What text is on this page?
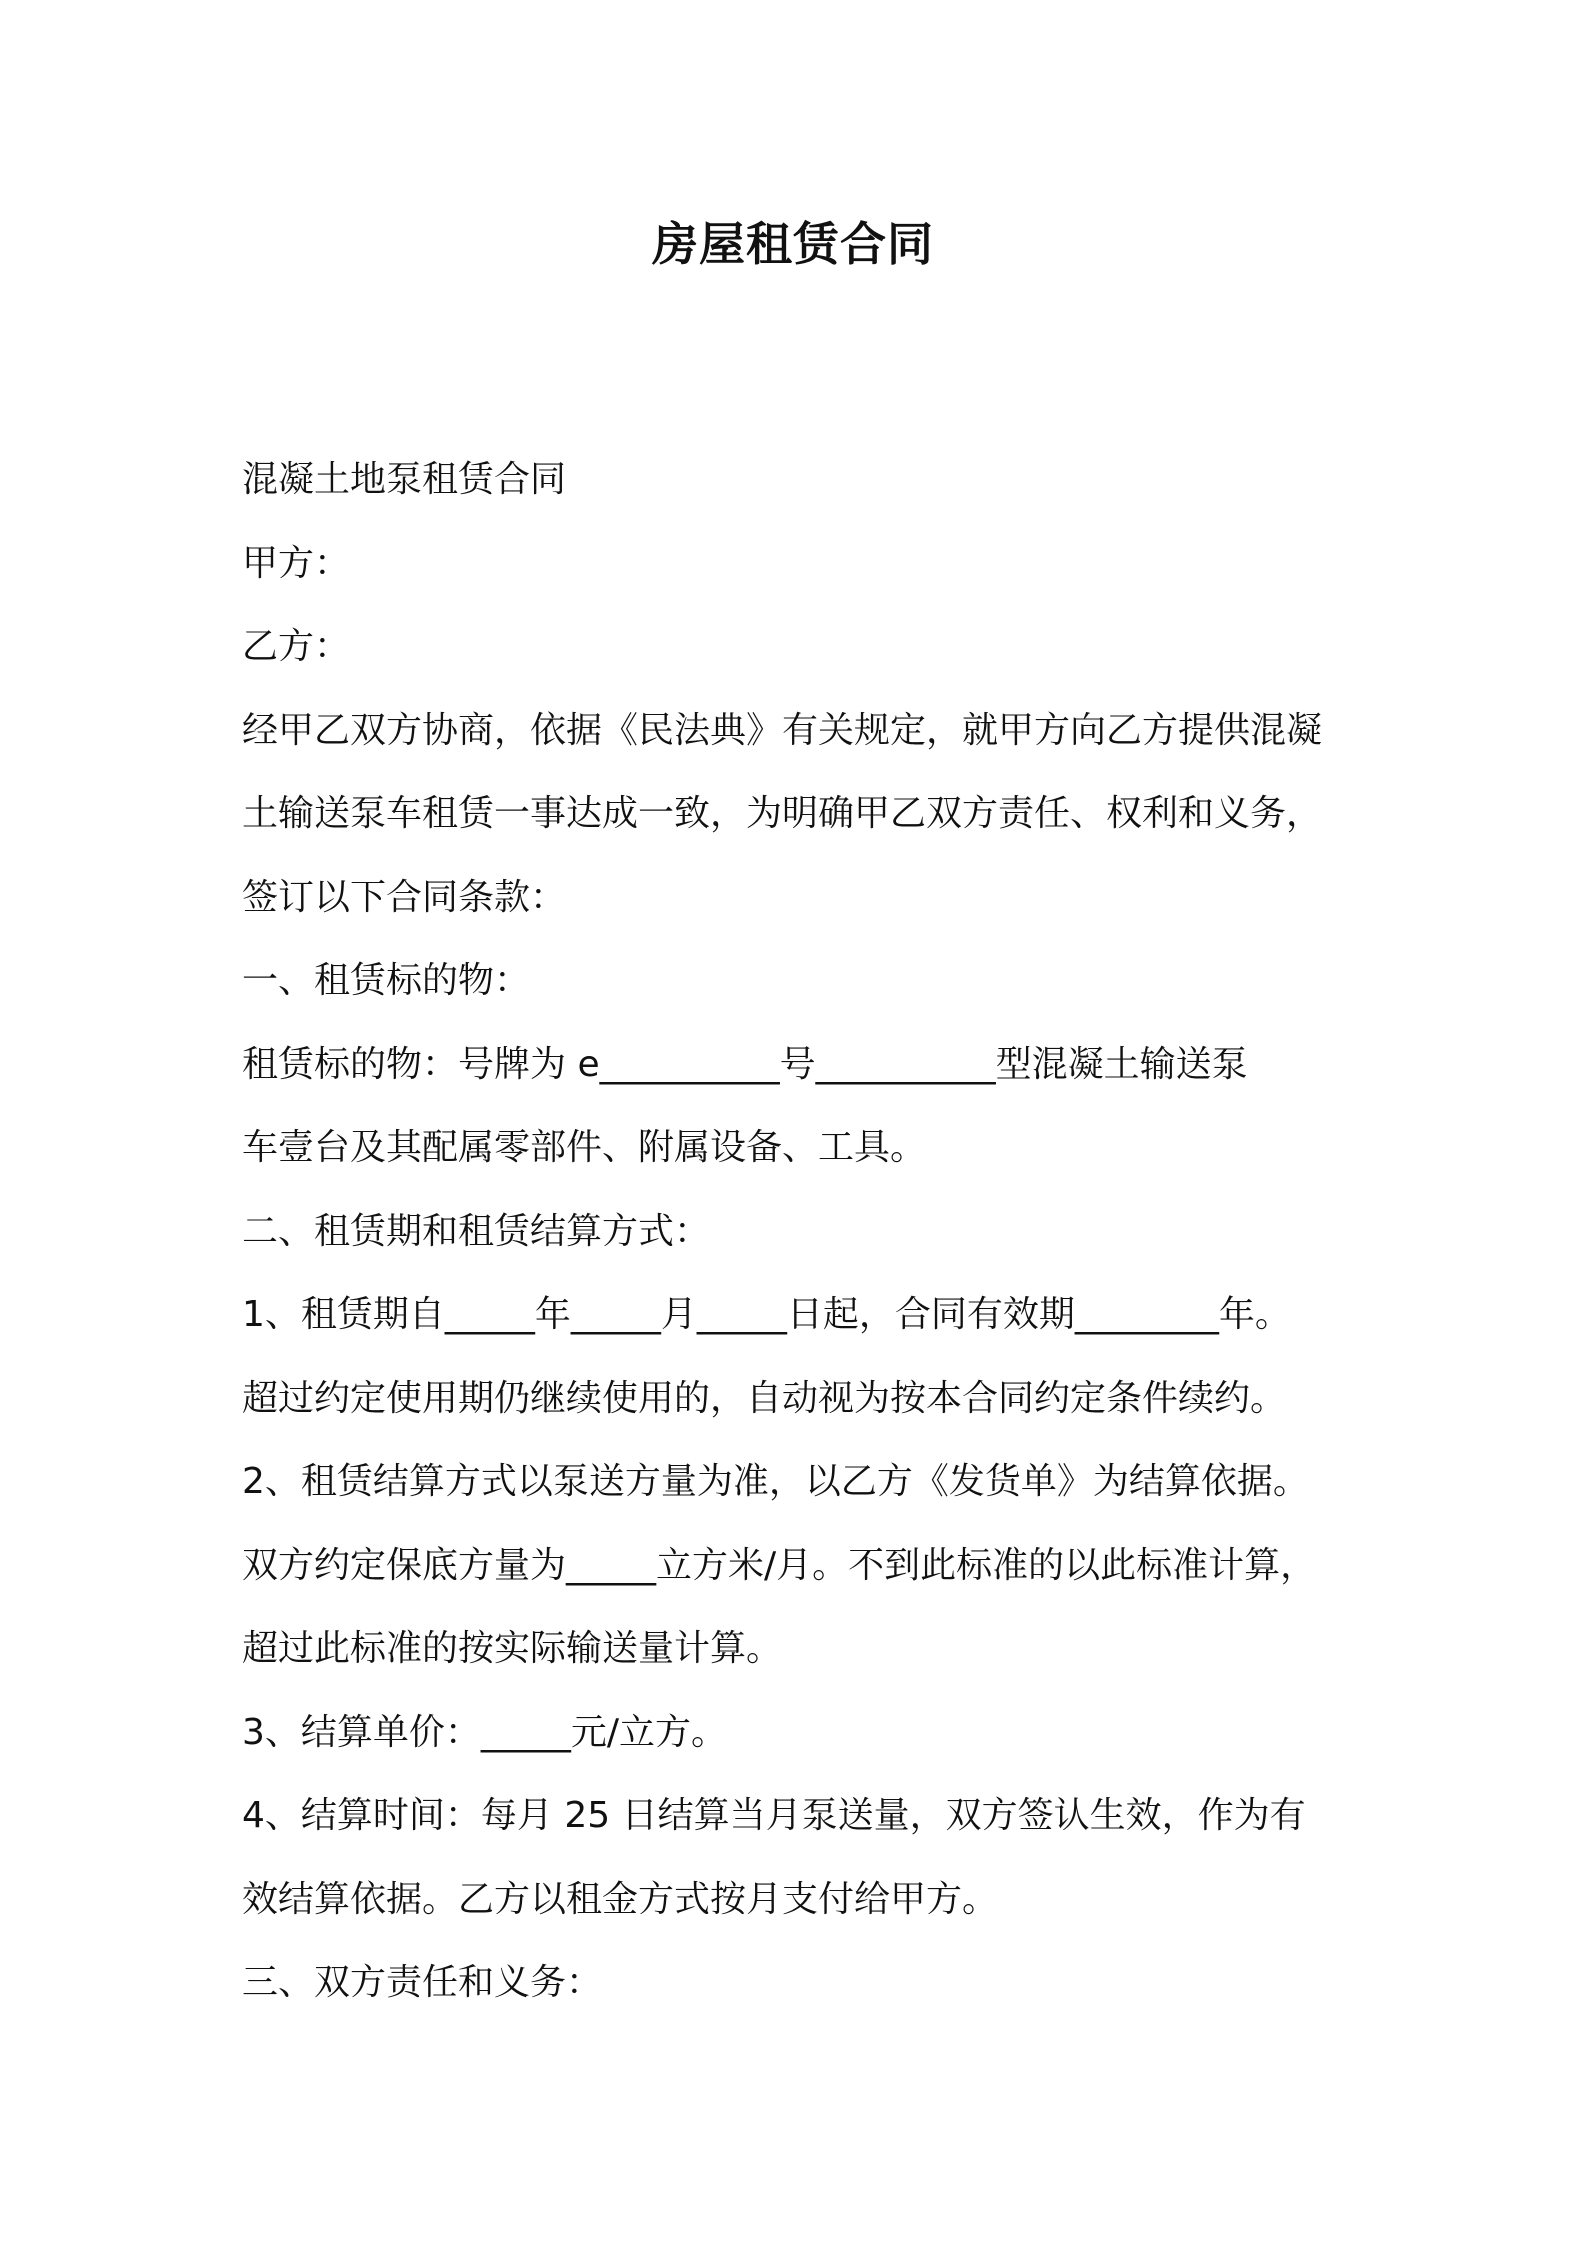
房屋租赁合同

混凝土地泵租赁合同

甲方：

乙方：

经甲乙双方协商，依据《民法典》有关规定，就甲方向乙方提供混凝

土输送泵车租赁一事达成一致，为明确甲乙双方责任、权利和义务，

签订以下合同条款：

一、租赁标的物：

租赁标的物：号牌为 e__________号__________型混凝土输送泵

车壹台及其配属零部件、附属设备、工具。

二、租赁期和租赁结算方式：

1、租赁期自_____年_____月_____日起，合同有效期________年。

超过约定使用期仍继续使用的，自动视为按本合同约定条件续约。

2、租赁结算方式以泵送方量为准，以乙方《发货单》为结算依据。

双方约定保底方量为_____立方米/月。不到此标准的以此标准计算，

超过此标准的按实际输送量计算。

3、结算单价：_____元/立方。

4、结算时间：每月 25 日结算当月泵送量，双方签认生效，作为有

效结算依据。乙方以租金方式按月支付给甲方。

三、双方责任和义务：
